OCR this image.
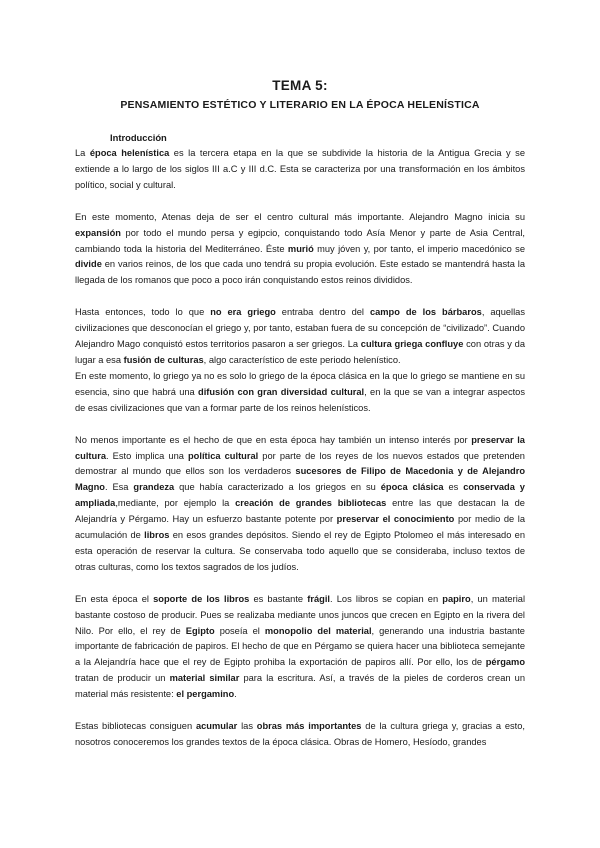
TEMA 5:
PENSAMIENTO ESTÉTICO Y LITERARIO EN LA ÉPOCA HELENÍSTICA
Introducción

La época helenística es la tercera etapa en la que se subdivide la historia de la Antigua Grecia y se extiende a lo largo de los siglos III a.C y III d.C. Esta se caracteriza por una transformación en los ámbitos político, social y cultural.

En este momento, Atenas deja de ser el centro cultural más importante. Alejandro Magno inicia su expansión por todo el mundo persa y egipcio, conquistando todo Asía Menor y parte de Asia Central, cambiando toda la historia del Mediterráneo. Éste murió muy jóven y, por tanto, el imperio macedónico se divide en varios reinos, de los que cada uno tendrá su propia evolución. Este estado se mantendrá hasta la llegada de los romanos que poco a poco irán conquistando estos reinos divididos.

Hasta entonces, todo lo que no era griego entraba dentro del campo de los bárbaros, aquellas civilizaciones que desconocían el griego y, por tanto, estaban fuera de su concepción de “civilizado”. Cuando Alejandro Mago conquistó estos territorios pasaron a ser griegos. La cultura griega confluye con otras y da lugar a esa fusión de culturas, algo característico de este periodo helenístico.

En este momento, lo griego ya no es solo lo griego de la época clásica en la que lo griego se mantiene en su esencia, sino que habrá una difusión con gran diversidad cultural, en la que se van a integrar aspectos de esas civilizaciones que van a formar parte de los reinos helenísticos.

No menos importante es el hecho de que en esta época hay también un intenso interés por preservar la cultura. Esto implica una política cultural por parte de los reyes de los nuevos estados que pretenden demostrar al mundo que ellos son los verdaderos sucesores de Filipo de Macedonia y de Alejandro Magno. Esa grandeza que había caracterizado a los griegos en su época clásica es conservada y ampliada,mediante, por ejemplo la creación de grandes bibliotecas entre las que destacan la de Alejandría y Pérgamo. Hay un esfuerzo bastante potente por preservar el conocimiento por medio de la acumulación de libros en esos grandes depósitos. Siendo el rey de Egipto Ptolomeo el más interesado en esta operación de reservar la cultura. Se conservaba todo aquello que se consideraba, incluso textos de otras culturas, como los textos sagrados de los judíos.

En esta época el soporte de los libros es bastante frágil. Los libros se copian en papiro, un material bastante costoso de producir. Pues se realizaba mediante unos juncos que crecen en Egipto en la rivera del Nilo. Por ello, el rey de Egipto poseía el monopolio del material, generando una industria bastante importante de fabricación de papiros. El hecho de que en Pérgamo se quiera hacer una biblioteca semejante a la Alejandría hace que el rey de Egipto prohiba la exportación de papiros allí. Por ello, los de pérgamo tratan de producir un material similar para la escritura. Así, a través de la pieles de corderos crean un material más resistente: el pergamino.

Estas bibliotecas consiguen acumular las obras más importantes de la cultura griega y, gracias a esto, nosotros conoceremos los grandes textos de la época clásica. Obras de Homero, Hesíodo, grandes
